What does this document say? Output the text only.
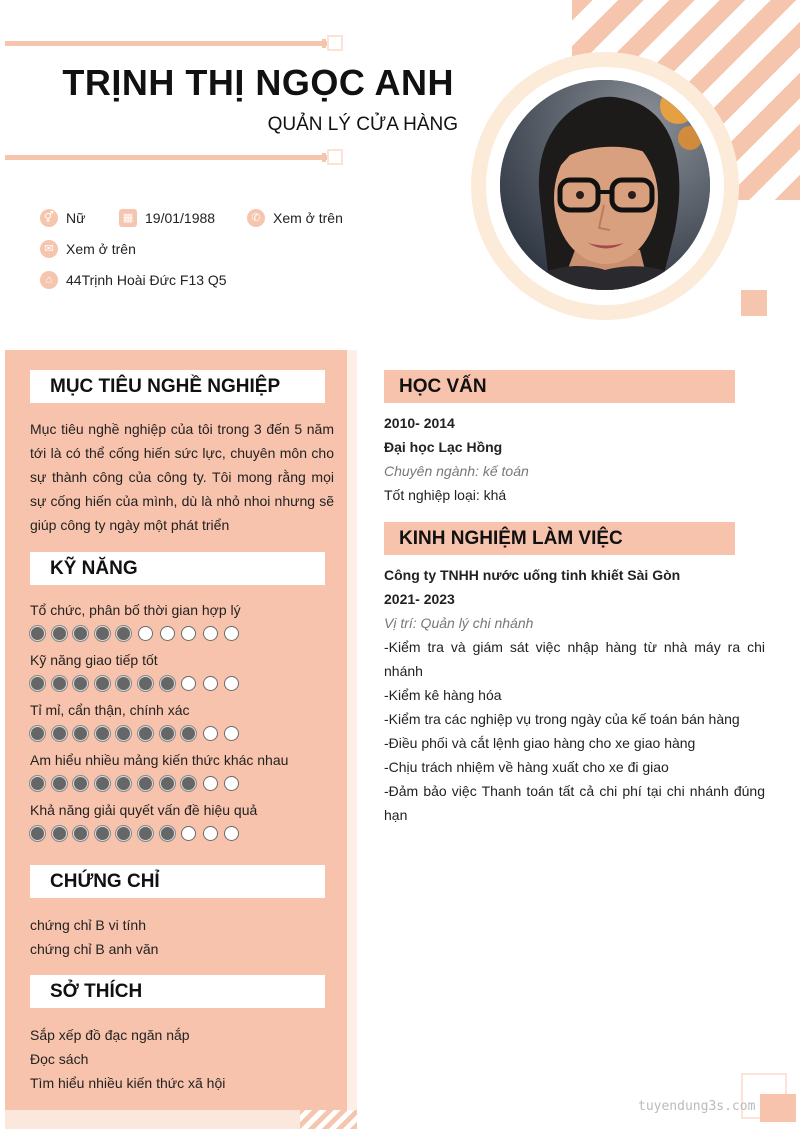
TRỊNH THỊ NGỌC ANH
QUẢN LÝ CỬA HÀNG
⚥ Nữ	▦ 19/01/1988	✆ Xem ở trên
✉ Xem ở trên
⌂ 44Trịnh Hoài Đức F13 Q5
MỤC TIÊU NGHỀ NGHIỆP
Mục tiêu nghề nghiệp của tôi trong 3 đến 5 năm tới là có thể cống hiến sức lực, chuyên môn cho sự thành công của công ty. Tôi mong rằng mọi sự cống hiến của mình, dù là nhỏ nhoi nhưng sẽ giúp công ty ngày một phát triển
KỸ NĂNG
Tổ chức, phân bố thời gian hợp lý
Kỹ năng giao tiếp tốt
Tỉ mỉ, cẩn thận, chính xác
Am hiểu nhiều mảng kiến thức khác nhau
Khả năng giải quyết vấn đề hiệu quả
CHỨNG CHỈ
chứng chỉ B vi tính
chứng chỉ B anh văn
SỞ THÍCH
Sắp xếp đồ đạc ngăn nắp
Đọc sách
Tìm hiểu nhiều kiến thức xã hội
HỌC VẤN
2010- 2014
Đại học Lạc Hồng
Chuyên ngành: kế toán
Tốt nghiệp loại: khá
KINH NGHIỆM LÀM VIỆC
Công ty TNHH nước uống tinh khiết Sài Gòn
2021- 2023
Vị trí: Quản lý chi nhánh
-Kiểm tra và giám sát việc nhập hàng từ nhà máy ra chi nhánh
-Kiểm kê hàng hóa
-Kiểm tra các nghiệp vụ trong ngày của kế toán bán hàng
-Điều phối và cắt lệnh giao hàng cho xe giao hàng
-Chịu trách nhiệm về hàng xuất cho xe đi giao
-Đảm bảo việc Thanh toán tất cả chi phí tại chi nhánh đúng hạn
tuyendung3s.com
